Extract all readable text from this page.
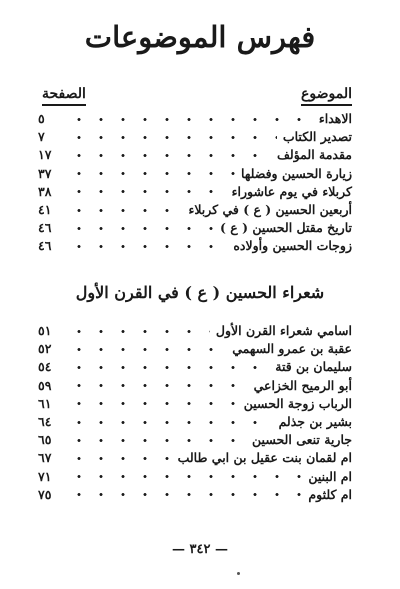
فهرس الموضوعات
الموضوع
الصفحة
الاهداء
٥
تصدير الكتاب
٧
مقدمة المؤلف
١٧
زيارة الحسين وفضلها
٣٧
كربلاء في يوم عاشوراء
٣٨
أربعين الحسين ( ع ) في كربلاء
٤١
تاريخ مقتل الحسين ( ع )
٤٦
زوجات الحسين وأولاده
٤٦
شعراء الحسين ( ع ) في القرن الأول
اسامي شعراء القرن الأول
٥١
عقبة بن عمرو السهمي
٥٢
سليمان بن قتة
٥٤
أبو الرميح الخزاعي
٥٩
الرباب زوجة الحسين
٦١
بشير بن جذلم
٦٤
جارية تنعى الحسين
٦٥
ام لقمان بنت عقيل بن ابي طالب
٦٧
ام البنين
٧١
ام كلثوم
٧٥
— ٣٤٢ —
